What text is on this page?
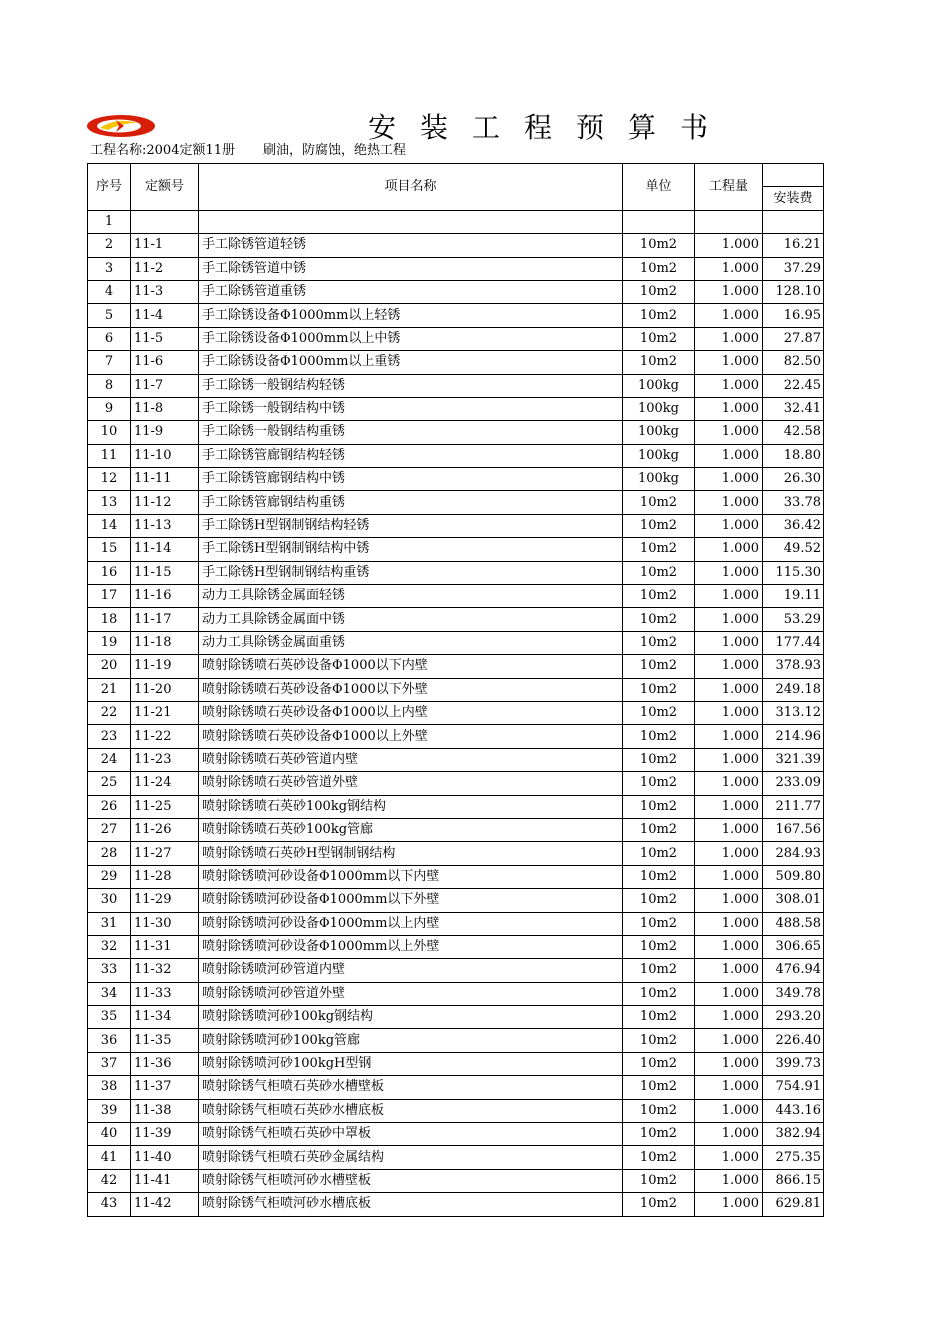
安装工程预算书
工程名称:2004定额11册 刷油，防腐蚀，绝热工程
序号	定额号	项目名称	单位	工程量	
					安装费
1					
2	11-1	手工除锈管道轻锈	10m2	1.000	16.21
3	11-2	手工除锈管道中锈	10m2	1.000	37.29
4	11-3	手工除锈管道重锈	10m2	1.000	128.10
5	11-4	手工除锈设备Φ1000mm以上轻锈	10m2	1.000	16.95
6	11-5	手工除锈设备Φ1000mm以上中锈	10m2	1.000	27.87
7	11-6	手工除锈设备Φ1000mm以上重锈	10m2	1.000	82.50
8	11-7	手工除锈一般钢结构轻锈	100kg	1.000	22.45
9	11-8	手工除锈一般钢结构中锈	100kg	1.000	32.41
10	11-9	手工除锈一般钢结构重锈	100kg	1.000	42.58
11	11-10	手工除锈管廊钢结构轻锈	100kg	1.000	18.80
12	11-11	手工除锈管廊钢结构中锈	100kg	1.000	26.30
13	11-12	手工除锈管廊钢结构重锈	10m2	1.000	33.78
14	11-13	手工除锈H型钢制钢结构轻锈	10m2	1.000	36.42
15	11-14	手工除锈H型钢制钢结构中锈	10m2	1.000	49.52
16	11-15	手工除锈H型钢制钢结构重锈	10m2	1.000	115.30
17	11-16	动力工具除锈金属面轻锈	10m2	1.000	19.11
18	11-17	动力工具除锈金属面中锈	10m2	1.000	53.29
19	11-18	动力工具除锈金属面重锈	10m2	1.000	177.44
20	11-19	喷射除锈喷石英砂设备Φ1000以下内壁	10m2	1.000	378.93
21	11-20	喷射除锈喷石英砂设备Φ1000以下外壁	10m2	1.000	249.18
22	11-21	喷射除锈喷石英砂设备Φ1000以上内壁	10m2	1.000	313.12
23	11-22	喷射除锈喷石英砂设备Φ1000以上外壁	10m2	1.000	214.96
24	11-23	喷射除锈喷石英砂管道内壁	10m2	1.000	321.39
25	11-24	喷射除锈喷石英砂管道外壁	10m2	1.000	233.09
26	11-25	喷射除锈喷石英砂100kg钢结构	10m2	1.000	211.77
27	11-26	喷射除锈喷石英砂100kg管廊	10m2	1.000	167.56
28	11-27	喷射除锈喷石英砂H型钢制钢结构	10m2	1.000	284.93
29	11-28	喷射除锈喷河砂设备Φ1000mm以下内壁	10m2	1.000	509.80
30	11-29	喷射除锈喷河砂设备Φ1000mm以下外壁	10m2	1.000	308.01
31	11-30	喷射除锈喷河砂设备Φ1000mm以上内壁	10m2	1.000	488.58
32	11-31	喷射除锈喷河砂设备Φ1000mm以上外壁	10m2	1.000	306.65
33	11-32	喷射除锈喷河砂管道内壁	10m2	1.000	476.94
34	11-33	喷射除锈喷河砂管道外壁	10m2	1.000	349.78
35	11-34	喷射除锈喷河砂100kg钢结构	10m2	1.000	293.20
36	11-35	喷射除锈喷河砂100kg管廊	10m2	1.000	226.40
37	11-36	喷射除锈喷河砂100kgH型钢	10m2	1.000	399.73
38	11-37	喷射除锈气柜喷石英砂水槽壁板	10m2	1.000	754.91
39	11-38	喷射除锈气柜喷石英砂水槽底板	10m2	1.000	443.16
40	11-39	喷射除锈气柜喷石英砂中罩板	10m2	1.000	382.94
41	11-40	喷射除锈气柜喷石英砂金属结构	10m2	1.000	275.35
42	11-41	喷射除锈气柜喷河砂水槽壁板	10m2	1.000	866.15
43	11-42	喷射除锈气柜喷河砂水槽底板	10m2	1.000	629.81
